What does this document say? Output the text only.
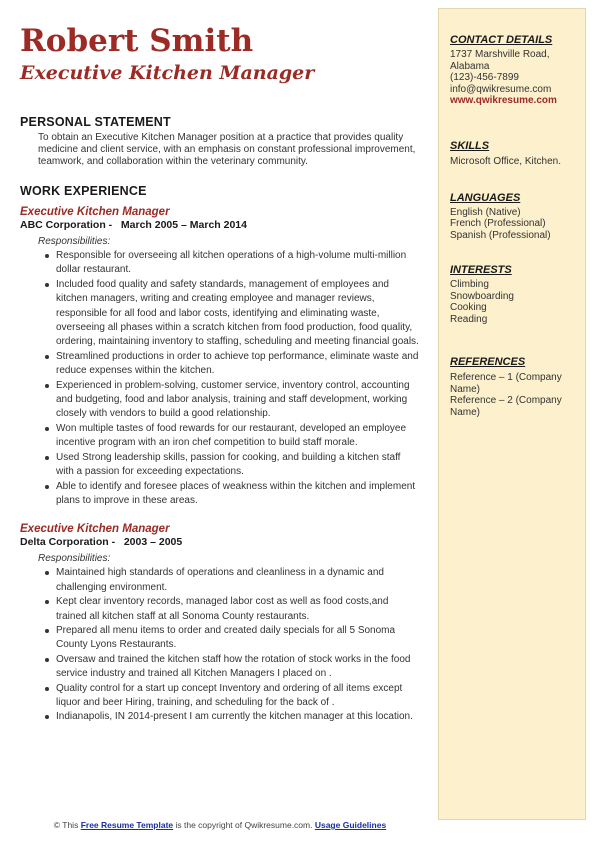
Robert Smith
Executive Kitchen Manager
PERSONAL STATEMENT

To obtain an Executive Kitchen Manager position at a practice that provides quality medicine and client service, with an emphasis on constant professional improvement, teamwork, and collaboration within the veterinary community.

WORK EXPERIENCE

Executive Kitchen Manager

ABC Corporation -   March 2005 – March 2014

Responsibilities:

Responsible for overseeing all kitchen operations of a high-volume multi-million dollar restaurant.
Included food quality and safety standards, management of employees and kitchen managers, writing and creating employee and manager reviews, responsible for all food and labor costs, identifying and eliminating waste, overseeing all phases within a scratch kitchen from food production, food quality, ordering, maintaining inventory to staffing, scheduling and meeting financial goals.
Streamlined productions in order to achieve top performance, eliminate waste and reduce expenses within the kitchen.
Experienced in problem-solving, customer service, inventory control, accounting and budgeting, food and labor analysis, training and staff development, working closely with vendors to build a good relationship.
Won multiple tastes of food rewards for our restaurant, developed an employee incentive program with an iron chef competition to build staff morale.
Used Strong leadership skills, passion for cooking, and building a kitchen staff with a passion for exceeding expectations.
Able to identify and foresee places of weakness within the kitchen and implement plans to improve in these areas.

Executive Kitchen Manager

Delta Corporation -   2003 – 2005

Responsibilities:

Maintained high standards of operations and cleanliness in a dynamic and challenging environment.
Kept clear inventory records, managed labor cost as well as food costs,and trained all kitchen staff at all Sonoma County restaurants.
Prepared all menu items to order and created daily specials for all 5 Sonoma County Lyons Restaurants.
Oversaw and trained the kitchen staff how the rotation of stock works in the food service industry and trained all Kitchen Managers I placed on .
Quality control for a start up concept Inventory and ordering of all items except liquor and beer Hiring, training, and scheduling for the back of .
Indianapolis, IN 2014-present I am currently the kitchen manager at this location.
CONTACT DETAILS

1737 Marshville Road, Alabama

(123)-456-7899

info@qwikresume.com

www.qwikresume.com

SKILLS

Microsoft Office, Kitchen.

LANGUAGES

English (Native)

French (Professional)

Spanish (Professional)

INTERESTS

Climbing

Snowboarding

Cooking

Reading

REFERENCES

Reference – 1 (Company Name)

Reference – 2 (Company Name)

© This Free Resume Template is the copyright of Qwikresume.com. Usage Guidelines
